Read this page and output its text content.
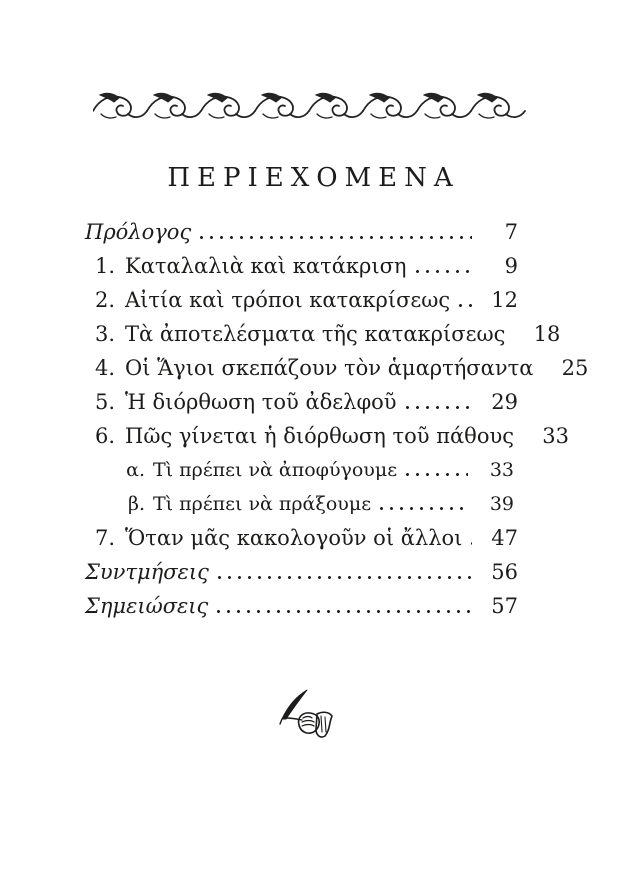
ΠΕΡΙΕΧΟΜΕΝΑ
Πρόλογος	7
1. Καταλαλιὰ καὶ κατάκριση	9
2. Αἰτία καὶ τρόποι κατακρίσεως	12
3. Τὰ ἀποτελέσματα τῆς κατακρίσεως	18
4. Οἱ Ἅγιοι σκεπάζουν τὸν ἁμαρτήσαντα	25
5. Ἡ διόρθωση τοῦ ἀδελφοῦ	29
6. Πῶς γίνεται ἡ διόρθωση τοῦ πάθους	33
α. Τὶ πρέπει νὰ ἀποφύγουμε	33
β. Τὶ πρέπει νὰ πράξουμε	39
7. Ὅταν μᾶς κακολογοῦν οἱ ἄλλοι	47
Συντμήσεις	56
Σημειώσεις	57
